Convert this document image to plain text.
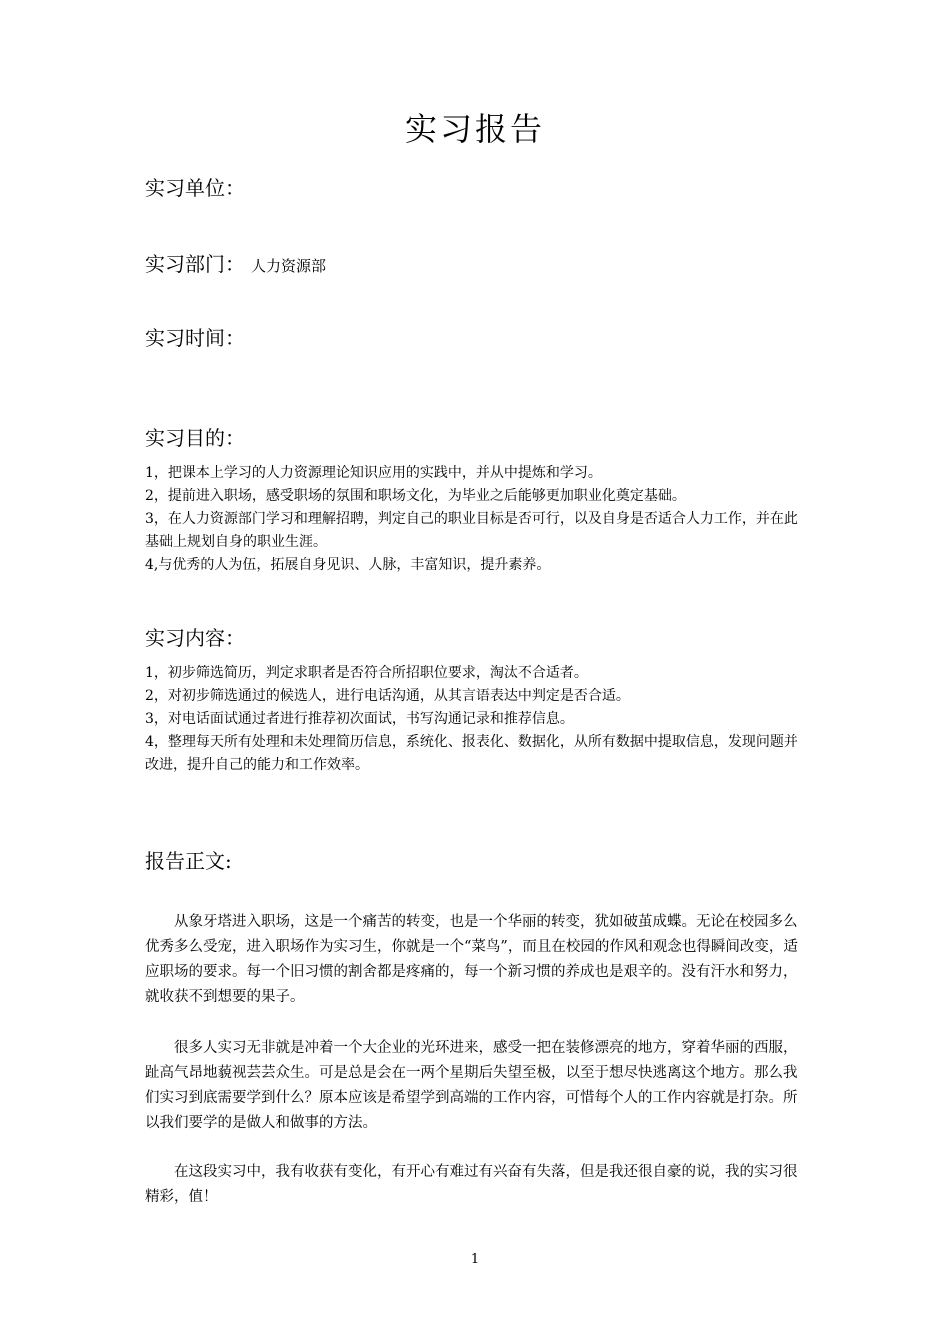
实习报告
实习单位：
实习部门： 人力资源部
实习时间：
实习目的：
1，把课本上学习的人力资源理论知识应用的实践中，并从中提炼和学习。
2，提前进入职场，感受职场的氛围和职场文化，为毕业之后能够更加职业化奠定基础。
3，在人力资源部门学习和理解招聘，判定自己的职业目标是否可行，以及自身是否适合人力工作，并在此基础上规划自身的职业生涯。
4,与优秀的人为伍，拓展自身见识、人脉，丰富知识，提升素养。
实习内容：
1，初步筛选简历，判定求职者是否符合所招职位要求，淘汰不合适者。
2，对初步筛选通过的候选人，进行电话沟通，从其言语表达中判定是否合适。
3，对电话面试通过者进行推荐初次面试，书写沟通记录和推荐信息。
4，整理每天所有处理和未处理简历信息，系统化、报表化、数据化，从所有数据中提取信息，发现问题并改进，提升自己的能力和工作效率。
报告正文:

从象牙塔进入职场，这是一个痛苦的转变，也是一个华丽的转变，犹如破茧成蝶。无论在校园多么优秀多么受宠，进入职场作为实习生，你就是一个“菜鸟”，而且在校园的作风和观念也得瞬间改变，适应职场的要求。每一个旧习惯的割舍都是疼痛的，每一个新习惯的养成也是艰辛的。没有汗水和努力，就收获不到想要的果子。

很多人实习无非就是冲着一个大企业的光环进来，感受一把在装修漂亮的地方，穿着华丽的西服，趾高气昂地藐视芸芸众生。可是总是会在一两个星期后失望至极，以至于想尽快逃离这个地方。那么我们实习到底需要学到什么？原本应该是希望学到高端的工作内容，可惜每个人的工作内容就是打杂。所以我们要学的是做人和做事的方法。

在这段实习中，我有收获有变化，有开心有难过有兴奋有失落，但是我还很自豪的说，我的实习很精彩，值！

1
